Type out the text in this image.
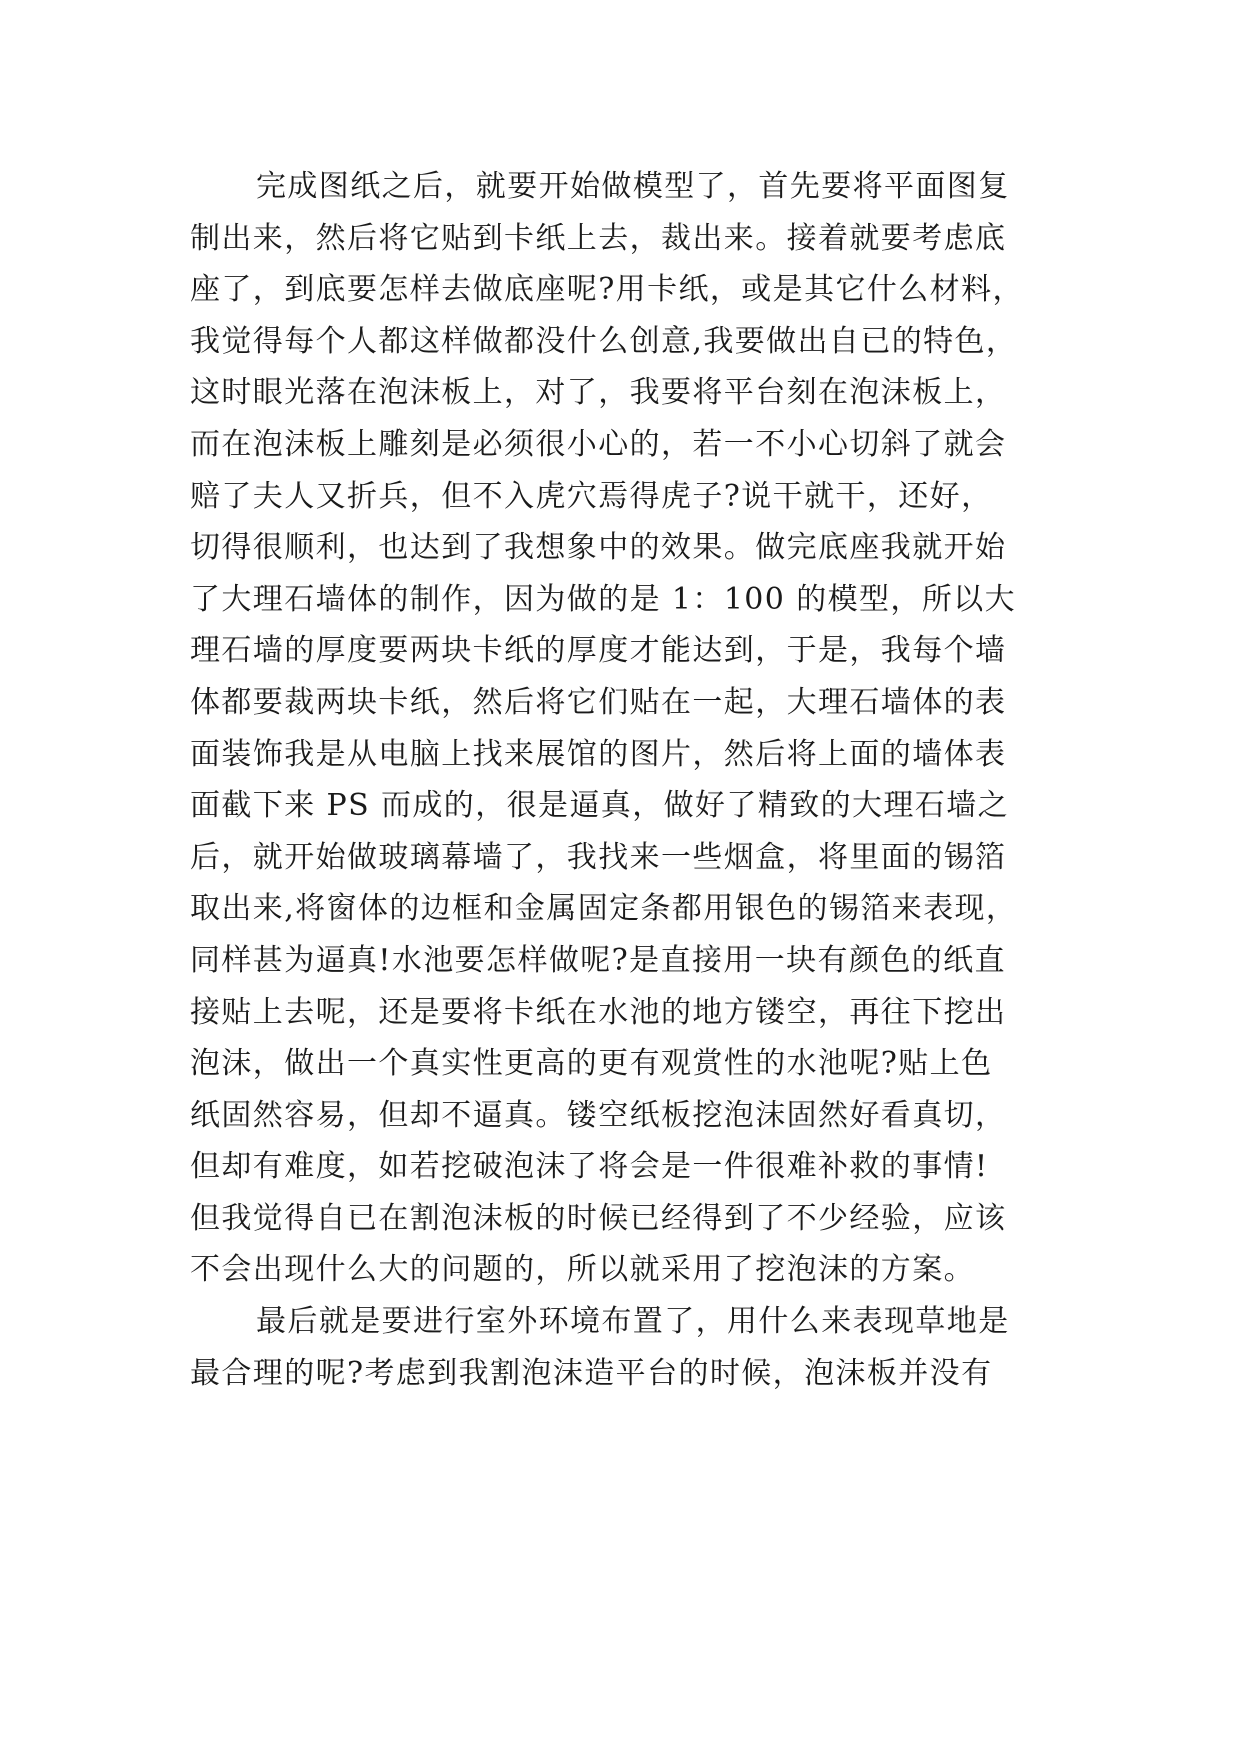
完成图纸之后，就要开始做模型了，首先要将平面图复
制出来，然后将它贴到卡纸上去，裁出来。接着就要考虑底
座了，到底要怎样去做底座呢?用卡纸，或是其它什么材料，
我觉得每个人都这样做都没什么创意,我要做出自已的特色，
这时眼光落在泡沫板上，对了，我要将平台刻在泡沫板上，
而在泡沫板上雕刻是必须很小心的，若一不小心切斜了就会
赔了夫人又折兵，但不入虎穴焉得虎子?说干就干，还好，
切得很顺利，也达到了我想象中的效果。做完底座我就开始
了大理石墙体的制作，因为做的是 1：100 的模型，所以大
理石墙的厚度要两块卡纸的厚度才能达到，于是，我每个墙
体都要裁两块卡纸，然后将它们贴在一起，大理石墙体的表
面装饰我是从电脑上找来展馆的图片，然后将上面的墙体表
面截下来 PS 而成的，很是逼真，做好了精致的大理石墙之
后，就开始做玻璃幕墙了，我找来一些烟盒，将里面的锡箔
取出来,将窗体的边框和金属固定条都用银色的锡箔来表现，
同样甚为逼真!水池要怎样做呢?是直接用一块有颜色的纸直
接贴上去呢，还是要将卡纸在水池的地方镂空，再往下挖出
泡沫，做出一个真实性更高的更有观赏性的水池呢?贴上色
纸固然容易，但却不逼真。镂空纸板挖泡沫固然好看真切，
但却有难度，如若挖破泡沫了将会是一件很难补救的事情!
但我觉得自已在割泡沫板的时候已经得到了不少经验，应该
不会出现什么大的问题的，所以就采用了挖泡沫的方案。
最后就是要进行室外环境布置了，用什么来表现草地是
最合理的呢?考虑到我割泡沫造平台的时候，泡沫板并没有
